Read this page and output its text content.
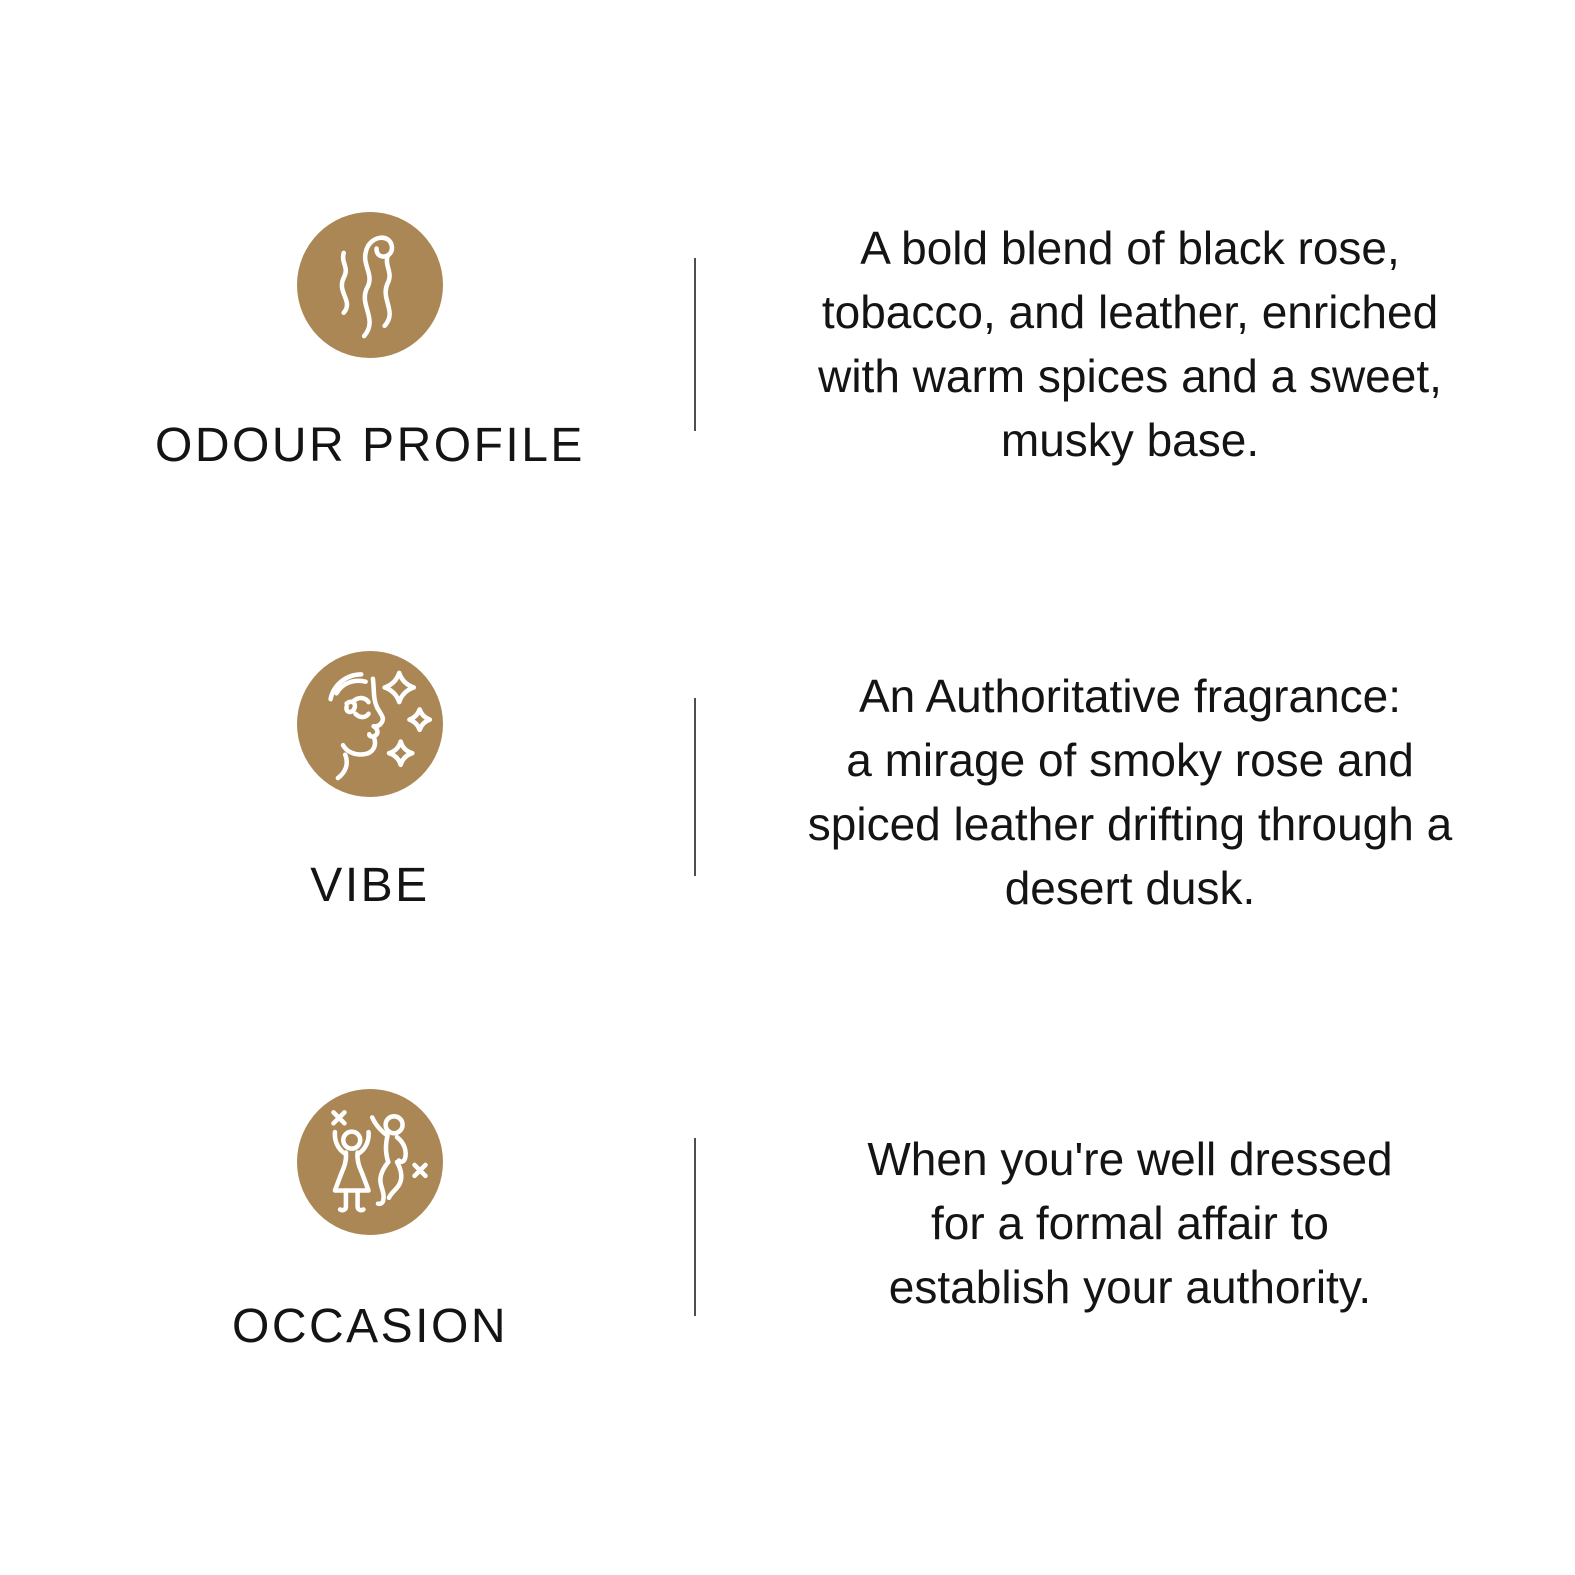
ODOUR PROFILE
A bold blend of black rose,
tobacco, and leather, enriched
with warm spices and a sweet,
musky base.
VIBE
An Authoritative fragrance:
a mirage of smoky rose and
spiced leather drifting through a
desert dusk.
OCCASION
When you're well dressed
for a formal affair to
establish your authority.
